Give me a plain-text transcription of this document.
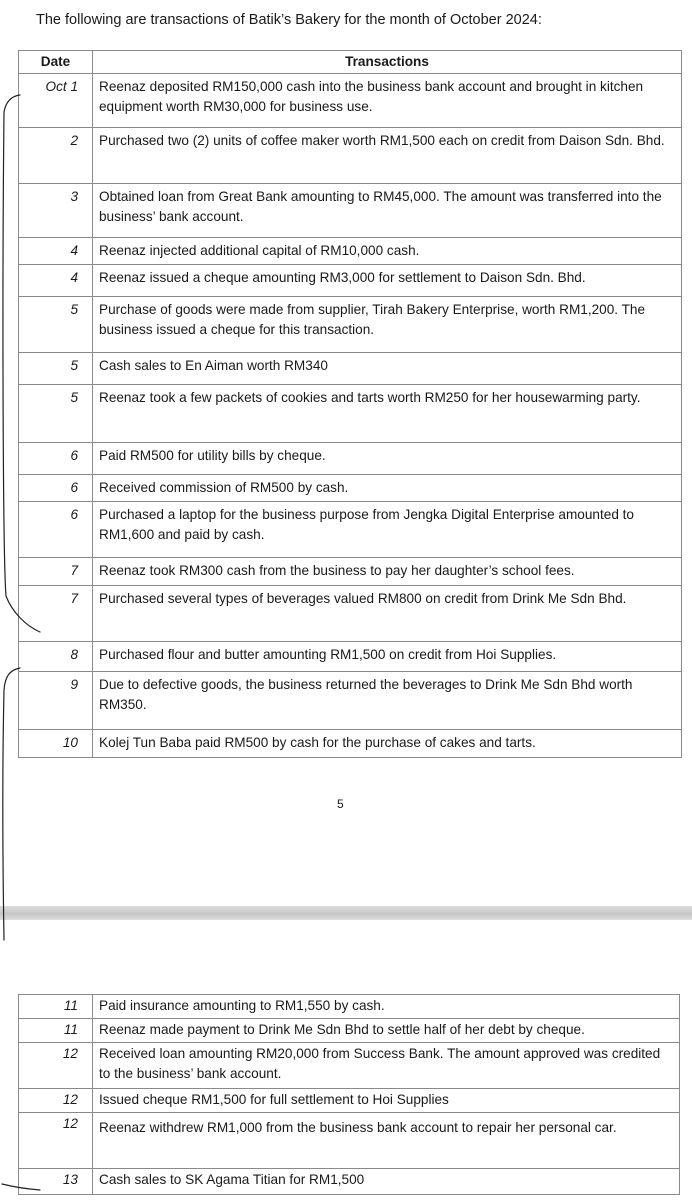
The following are transactions of Batik’s Bakery for the month of October 2024:
Date	Transactions
Oct 1	Reenaz deposited RM150,000 cash into the business bank account and brought in kitchen equipment worth RM30,000 for business use.
2	Purchased two (2) units of coffee maker worth RM1,500 each on credit from Daison Sdn. Bhd.
3	Obtained loan from Great Bank amounting to RM45,000. The amount was transferred into the business’ bank account.
4	Reenaz injected additional capital of RM10,000 cash.
4	Reenaz issued a cheque amounting RM3,000 for settlement to Daison Sdn. Bhd.
5	Purchase of goods were made from supplier, Tirah Bakery Enterprise, worth RM1,200. The business issued a cheque for this transaction.
5	Cash sales to En Aiman worth RM340
5	Reenaz took a few packets of cookies and tarts worth RM250 for her housewarming party.
6	Paid RM500 for utility bills by cheque.
6	Received commission of RM500 by cash.
6	Purchased a laptop for the business purpose from Jengka Digital Enterprise amounted to RM1,600 and paid by cash.
7	Reenaz took RM300 cash from the business to pay her daughter’s school fees.
7	Purchased several types of beverages valued RM800 on credit from Drink Me Sdn Bhd.
8	Purchased flour and butter amounting RM1,500 on credit from Hoi Supplies.
9	Due to defective goods, the business returned the beverages to Drink Me Sdn Bhd worth RM350.
10	Kolej Tun Baba paid RM500 by cash for the purchase of cakes and tarts.
5
11	Paid insurance amounting to RM1,550 by cash.
11	Reenaz made payment to Drink Me Sdn Bhd to settle half of her debt by cheque.
12	Received loan amounting RM20,000 from Success Bank. The amount approved was credited to the business’ bank account.
12	Issued cheque RM1,500 for full settlement to Hoi Supplies
12	Reenaz withdrew RM1,000 from the business bank account to repair her personal car.
13	Cash sales to SK Agama Titian for RM1,500
